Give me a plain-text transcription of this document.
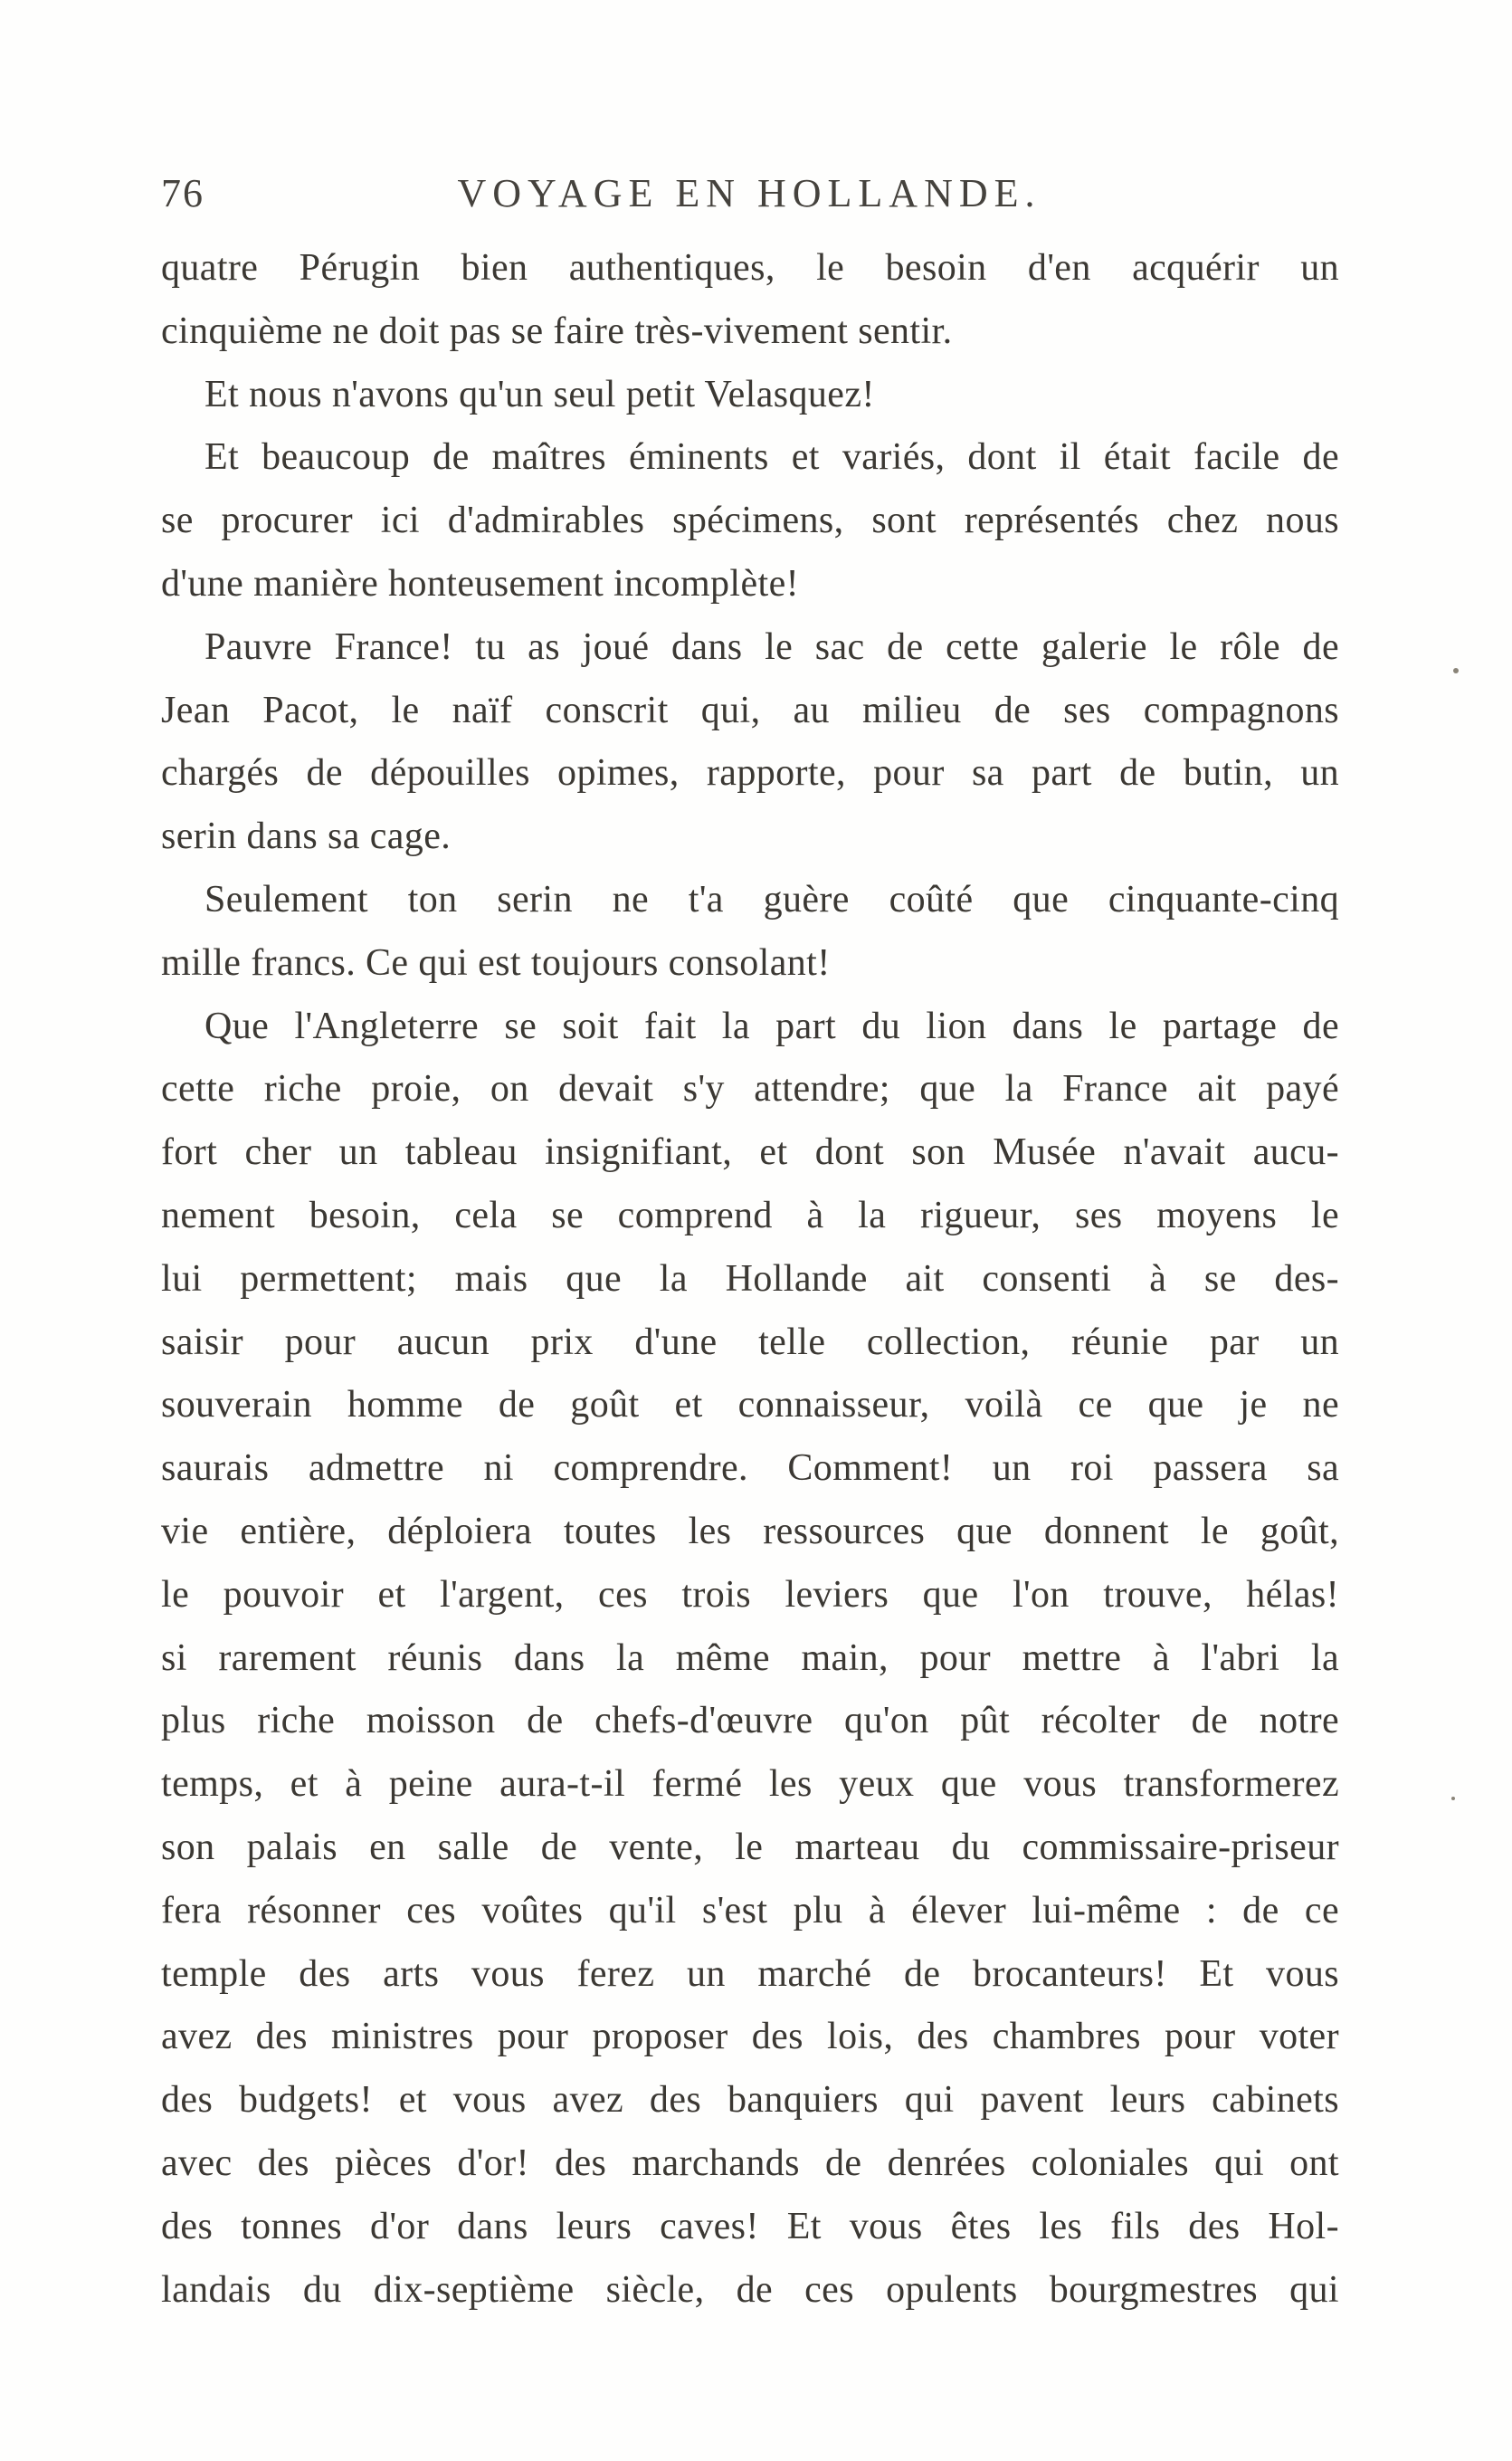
76	VOYAGE EN HOLLANDE.
quatre Pérugin bien authentiques, le besoin d'en acquérir un
cinquième ne doit pas se faire très-vivement sentir.
Et nous n'avons qu'un seul petit Velasquez!
Et beaucoup de maîtres éminents et variés, dont il était facile de
se procurer ici d'admirables spécimens, sont représentés chez nous
d'une manière honteusement incomplète!
Pauvre France! tu as joué dans le sac de cette galerie le rôle de
Jean Pacot, le naïf conscrit qui, au milieu de ses compagnons
chargés de dépouilles opimes, rapporte, pour sa part de butin, un
serin dans sa cage.
Seulement ton serin ne t'a guère coûté que cinquante-cinq
mille francs. Ce qui est toujours consolant!
Que l'Angleterre se soit fait la part du lion dans le partage de
cette riche proie, on devait s'y attendre; que la France ait payé
fort cher un tableau insignifiant, et dont son Musée n'avait aucu-
nement besoin, cela se comprend à la rigueur, ses moyens le
lui permettent; mais que la Hollande ait consenti à se des-
saisir pour aucun prix d'une telle collection, réunie par un
souverain homme de goût et connaisseur, voilà ce que je ne
saurais admettre ni comprendre. Comment! un roi passera sa
vie entière, déploiera toutes les ressources que donnent le goût,
le pouvoir et l'argent, ces trois leviers que l'on trouve, hélas!
si rarement réunis dans la même main, pour mettre à l'abri la
plus riche moisson de chefs-d'œuvre qu'on pût récolter de notre
temps, et à peine aura-t-il fermé les yeux que vous transformerez
son palais en salle de vente, le marteau du commissaire-priseur
fera résonner ces voûtes qu'il s'est plu à élever lui-même : de ce
temple des arts vous ferez un marché de brocanteurs! Et vous
avez des ministres pour proposer des lois, des chambres pour voter
des budgets! et vous avez des banquiers qui pavent leurs cabinets
avec des pièces d'or! des marchands de denrées coloniales qui ont
des tonnes d'or dans leurs caves! Et vous êtes les fils des Hol-
landais du dix-septième siècle, de ces opulents bourgmestres qui
